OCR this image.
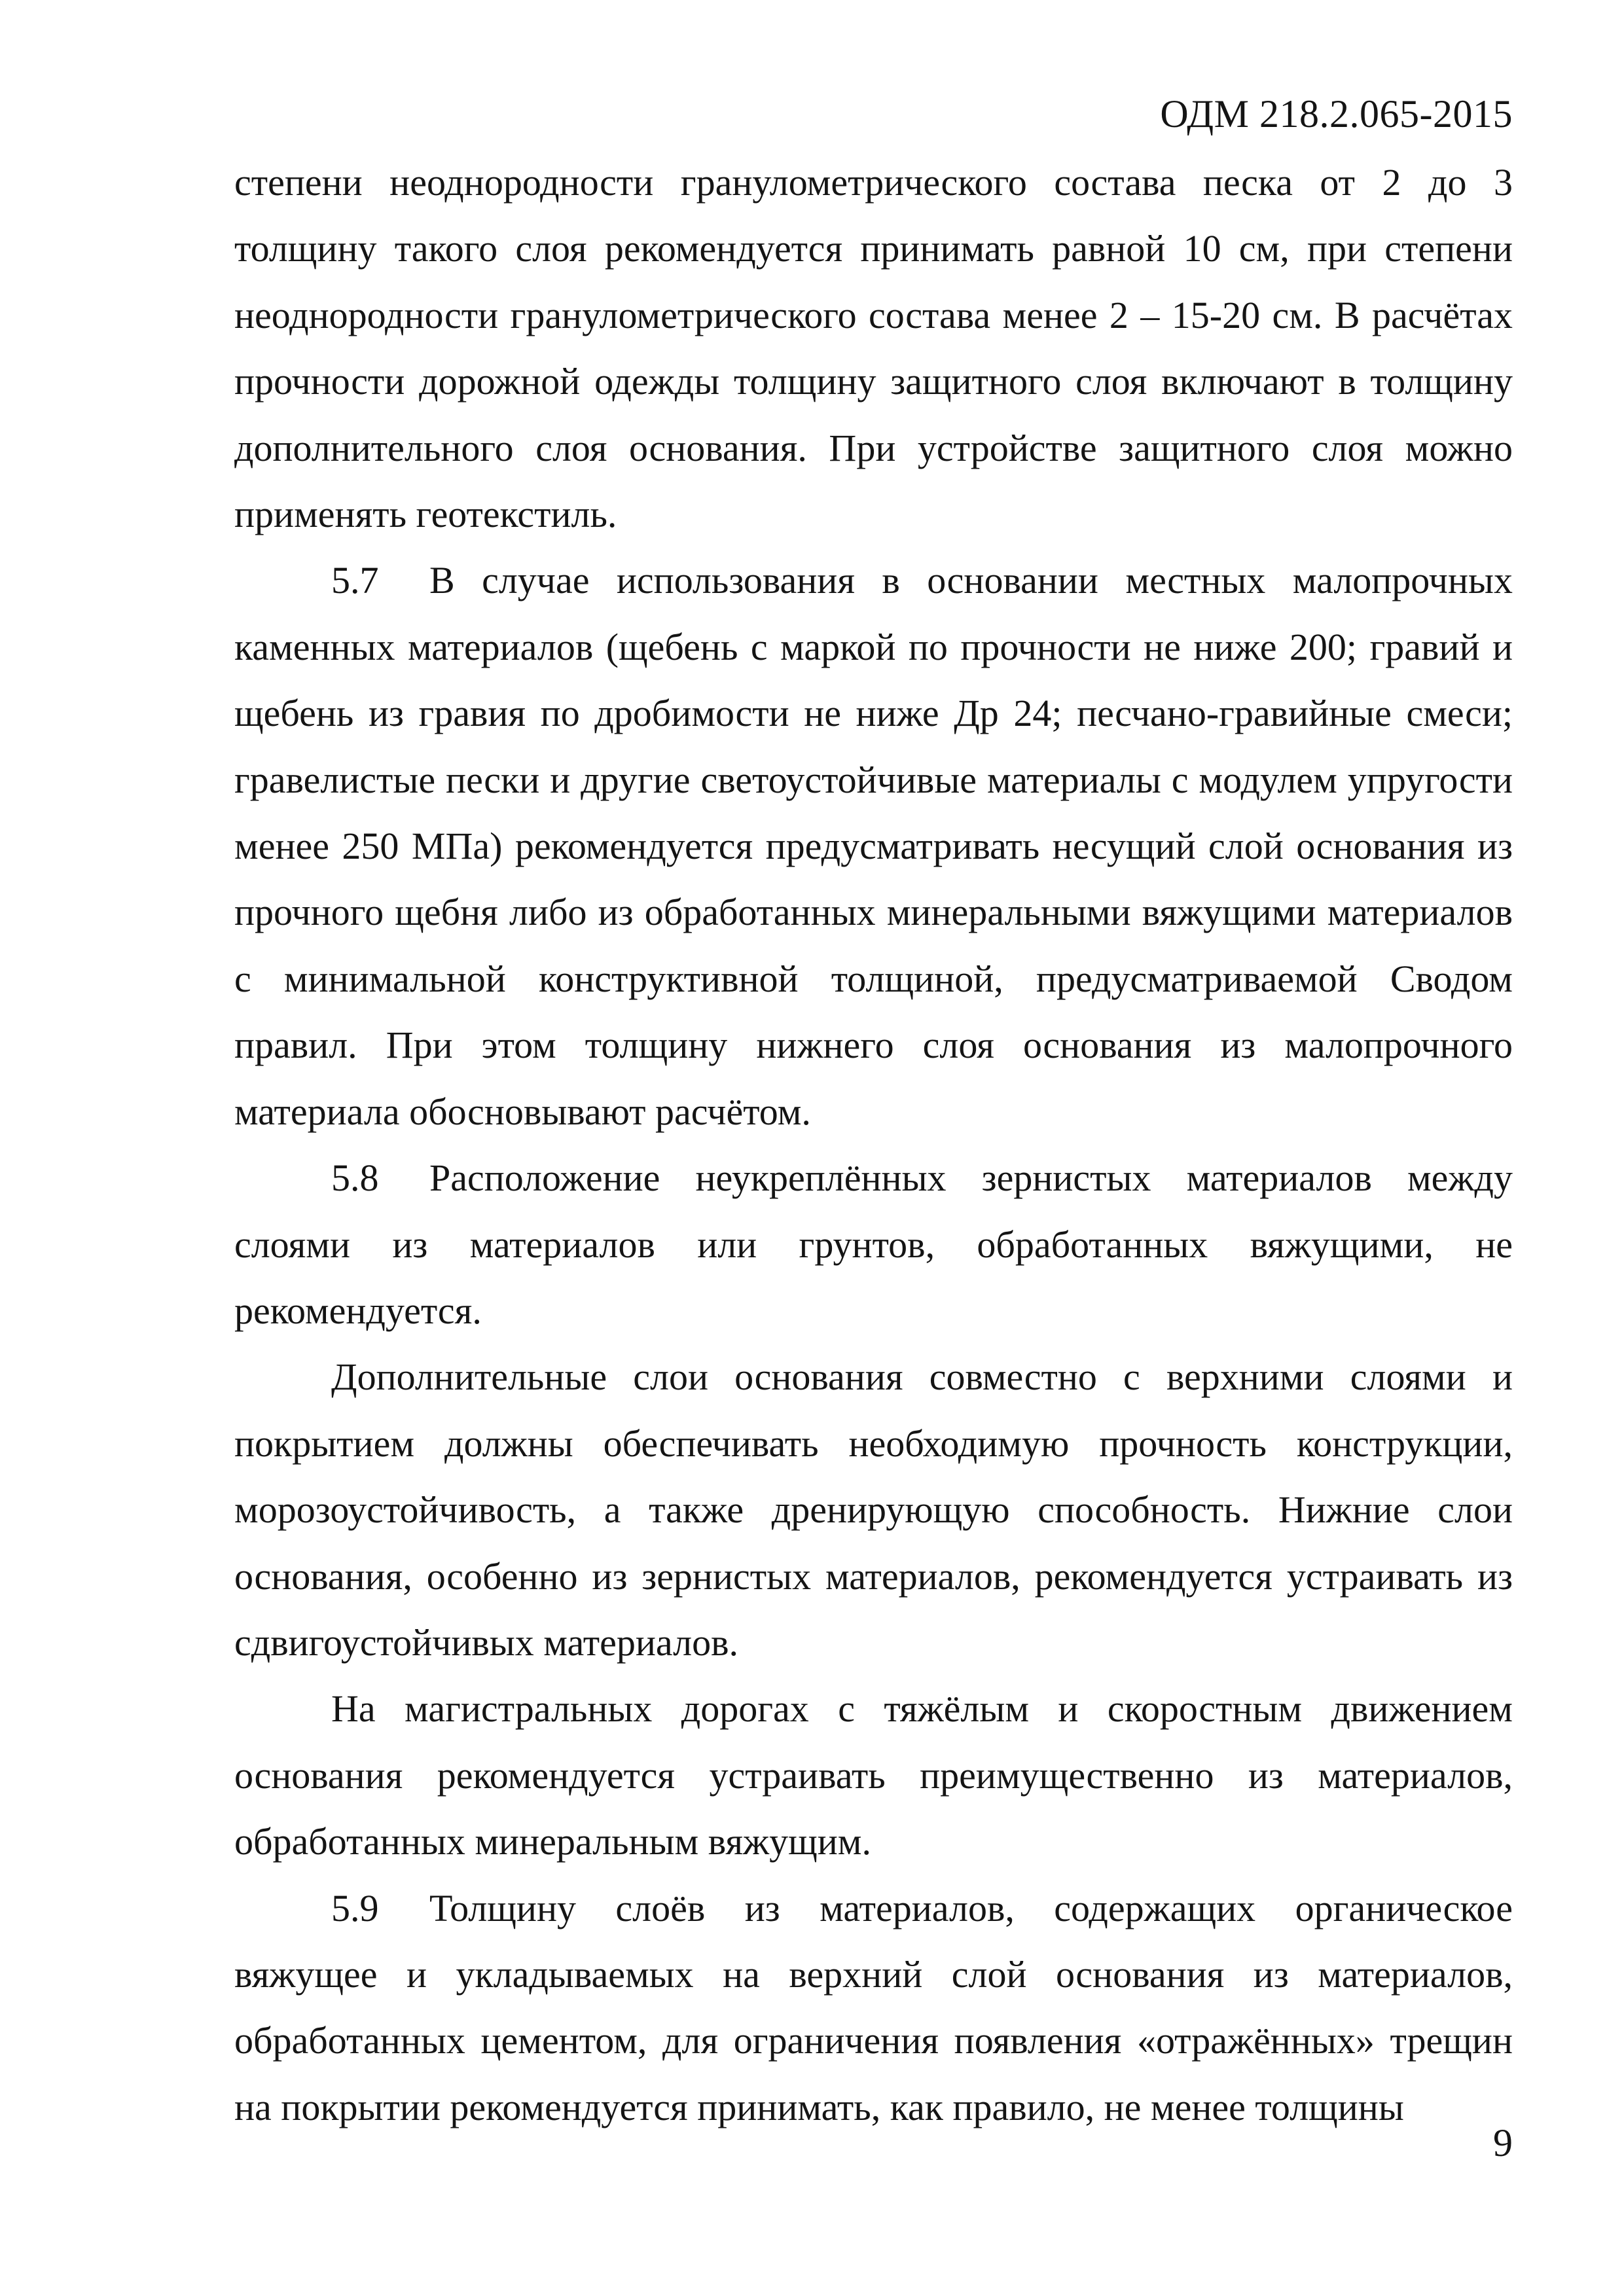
ОДМ 218.2.065-2015

степени неоднородности гранулометрического состава песка от 2 до 3 толщину такого слоя рекомендуется принимать равной 10 см, при степени неоднородности гранулометрического состава менее 2 – 15-20 см. В расчётах прочности дорожной одежды толщину защитного слоя включают в толщину дополнительного слоя основания. При устройстве защитного слоя можно применять геотекстиль.

5.7 В случае использования в основании местных малопрочных каменных материалов (щебень с маркой по прочности не ниже 200; гравий и щебень из гравия по дробимости не ниже Др 24; песчано-гравийные смеси; гравелистые пески и другие светоустойчивые материалы с модулем упругости менее 250 МПа) рекомендуется предусматривать несущий слой основания из прочного щебня либо из обработанных минеральными вяжущими материалов с минимальной конструктивной толщиной, предусматриваемой Сводом правил. При этом толщину нижнего слоя основания из малопрочного материала обосновывают расчётом.

5.8 Расположение неукреплённых зернистых материалов между слоями из материалов или грунтов, обработанных вяжущими, не рекомендуется.

Дополнительные слои основания совместно с верхними слоями и покрытием должны обеспечивать необходимую прочность конструкции, морозоустойчивость, а также дренирующую способность. Нижние слои основания, особенно из зернистых материалов, рекомендуется устраивать из сдвигоустойчивых материалов.

На магистральных дорогах с тяжёлым и скоростным движением основания рекомендуется устраивать преимущественно из материалов, обработанных минеральным вяжущим.

5.9 Толщину слоёв из материалов, содержащих органическое вяжущее и укладываемых на верхний слой основания из материалов, обработанных цементом, для ограничения появления «отражённых» трещин на покрытии рекомендуется принимать, как правило, не менее толщины

9
